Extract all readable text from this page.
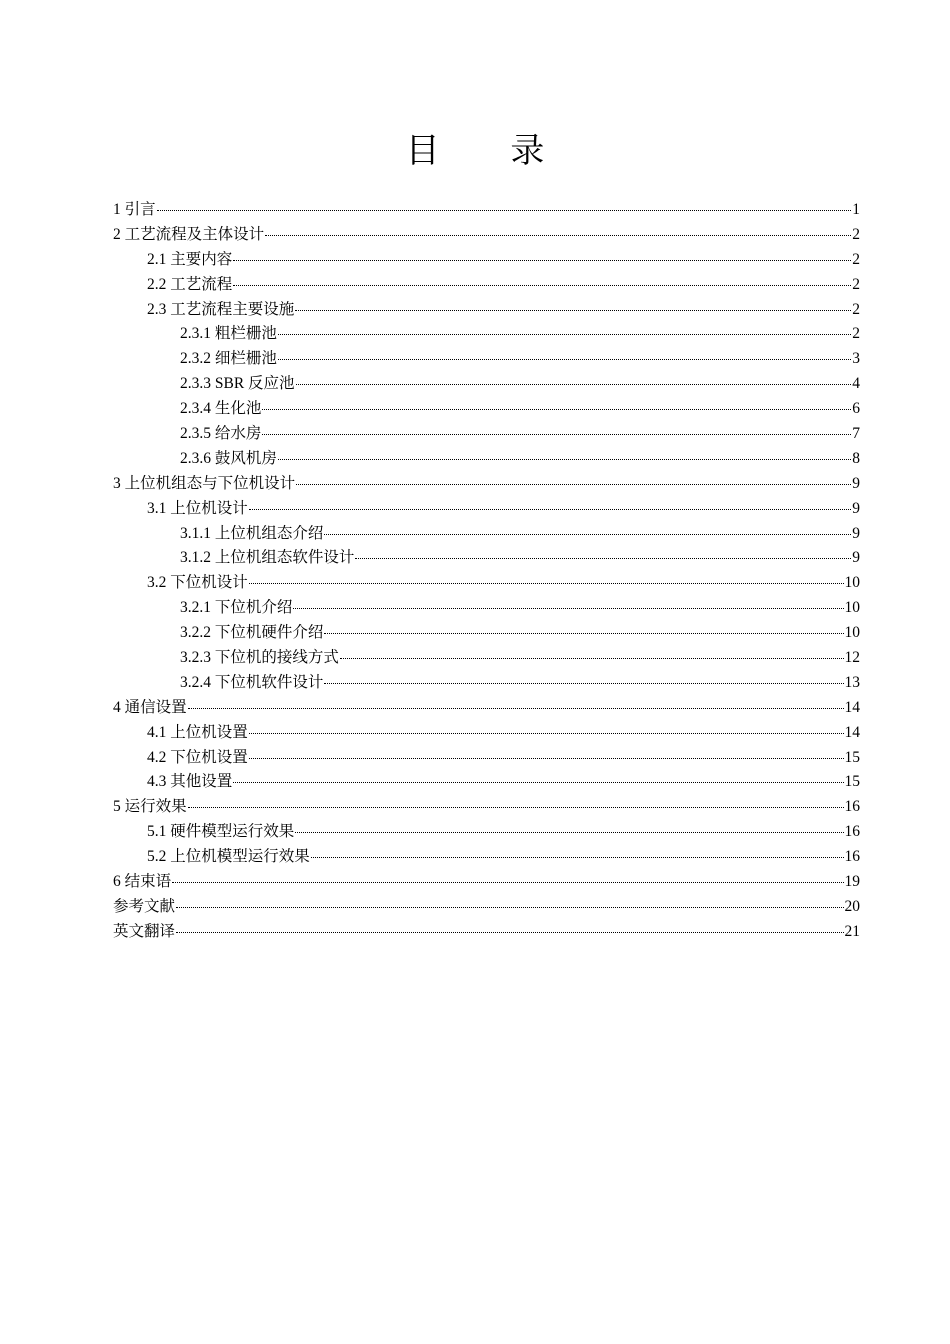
目 录
1 引言	1
2 工艺流程及主体设计	2
2.1 主要内容	2
2.2 工艺流程	2
2.3 工艺流程主要设施	2
2.3.1 粗栏栅池	2
2.3.2 细栏栅池	3
2.3.3 SBR 反应池	4
2.3.4 生化池	6
2.3.5 给水房	7
2.3.6 鼓风机房	8
3 上位机组态与下位机设计	9
3.1 上位机设计	9
3.1.1 上位机组态介绍	9
3.1.2 上位机组态软件设计	9
3.2 下位机设计	10
3.2.1 下位机介绍	10
3.2.2 下位机硬件介绍	10
3.2.3 下位机的接线方式	12
3.2.4 下位机软件设计	13
4 通信设置	14
4.1 上位机设置	14
4.2 下位机设置	15
4.3 其他设置	15
5 运行效果	16
5.1 硬件模型运行效果	16
5.2 上位机模型运行效果	16
6 结束语	19
参考文献	20
英文翻译	21
